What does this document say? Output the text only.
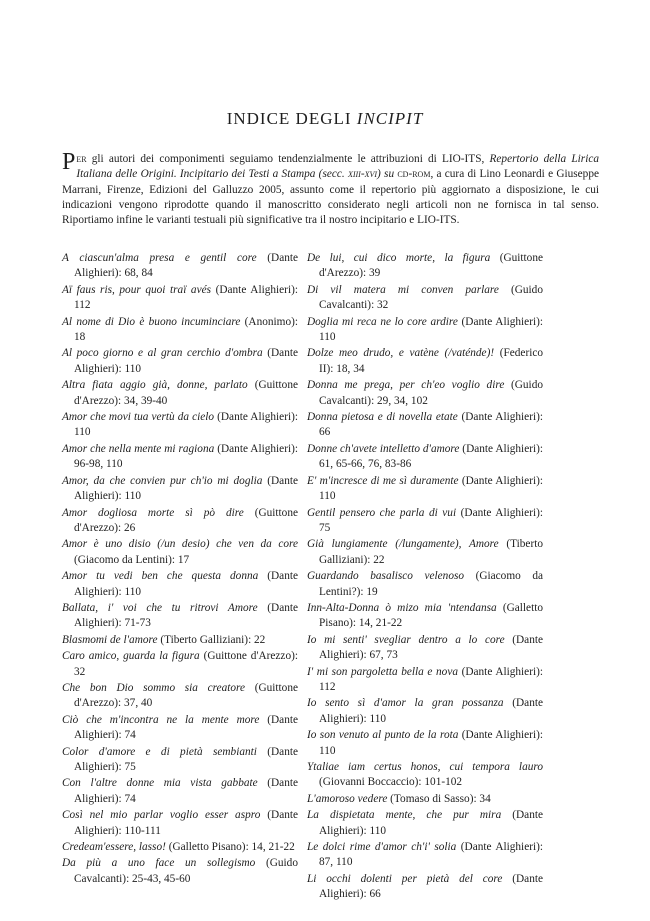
INDICE DEGLI INCIPIT

Per gli autori dei componimenti seguiamo tendenzialmente le attribuzioni di LIO-ITS, Repertorio della Lirica Italiana delle Origini. Incipitario dei Testi a Stampa (secc. xiii-xvi) su cd-rom, a cura di Lino Leonardi e Giuseppe Marrani, Firenze, Edizioni del Galluzzo 2005, assunto come il repertorio più aggiornato a disposizione, le cui indicazioni vengono riprodotte quando il manoscritto considerato negli articoli non ne fornisca in tal senso. Riportiamo infine le varianti testuali più significative tra il nostro incipitario e LIO-ITS.

A ciascun'alma presa e gentil core (Dante Alighieri): 68, 84

Aï faus ris, pour quoi traï avés (Dante Alighieri): 112

Al nome di Dio è buono incuminciare (Anonimo): 18

Al poco giorno e al gran cerchio d'ombra (Dante Alighieri): 110

Altra fiata aggio già, donne, parlato (Guittone d'Arezzo): 34, 39-40

Amor che movi tua vertù da cielo (Dante Alighieri): 110

Amor che nella mente mi ragiona (Dante Alighieri): 96-98, 110

Amor, da che convien pur ch'io mi doglia (Dante Alighieri): 110

Amor dogliosa morte sì pò dire (Guittone d'Arezzo): 26

Amor è uno disio (/un desio) che ven da core (Giacomo da Lentini): 17

Amor tu vedi ben che questa donna (Dante Alighieri): 110

Ballata, i' voi che tu ritrovi Amore (Dante Alighieri): 71-73

Blasmomi de l'amore (Tiberto Galliziani): 22

Caro amico, guarda la figura (Guittone d'Arezzo): 32

Che bon Dio sommo sia creatore (Guittone d'Arezzo): 37, 40

Ciò che m'incontra ne la mente more (Dante Alighieri): 74

Color d'amore e di pietà sembianti (Dante Alighieri): 75

Con l'altre donne mia vista gabbate (Dante Alighieri): 74

Così nel mio parlar voglio esser aspro (Dante Alighieri): 110-111

Credeam'essere, lasso! (Galletto Pisano): 14, 21-22

Da più a uno face un sollegismo (Guido Cavalcanti): 25-43, 45-60

De lui, cui dico morte, la figura (Guittone d'Arezzo): 39

Di vil matera mi conven parlare (Guido Cavalcanti): 32

Doglia mi reca ne lo core ardire (Dante Alighieri): 110

Dolze meo drudo, e vatène (/vaténde)! (Federico II): 18, 34

Donna me prega, per ch'eo voglio dire (Guido Cavalcanti): 29, 34, 102

Donna pietosa e di novella etate (Dante Alighieri): 66

Donne ch'avete intelletto d'amore (Dante Alighieri): 61, 65-66, 76, 83-86

E' m'incresce di me sì duramente (Dante Alighieri): 110

Gentil pensero che parla di vui (Dante Alighieri): 75

Già lungiamente (/lungamente), Amore (Tiberto Galliziani): 22

Guardando basalisco velenoso (Giacomo da Lentini?): 19

Inn-Alta-Donna ò mizo mia 'ntendansa (Galletto Pisano): 14, 21-22

Io mi senti' svegliar dentro a lo core (Dante Alighieri): 67, 73

I' mi son pargoletta bella e nova (Dante Alighieri): 112

Io sento sì d'amor la gran possanza (Dante Alighieri): 110

Io son venuto al punto de la rota (Dante Alighieri): 110

Ytaliae iam certus honos, cui tempora lauro (Giovanni Boccaccio): 101-102

L'amoroso vedere (Tomaso di Sasso): 34

La dispietata mente, che pur mira (Dante Alighieri): 110

Le dolci rime d'amor ch'i' solia (Dante Alighieri): 87, 110

Li occhi dolenti per pietà del core (Dante Alighieri): 66
